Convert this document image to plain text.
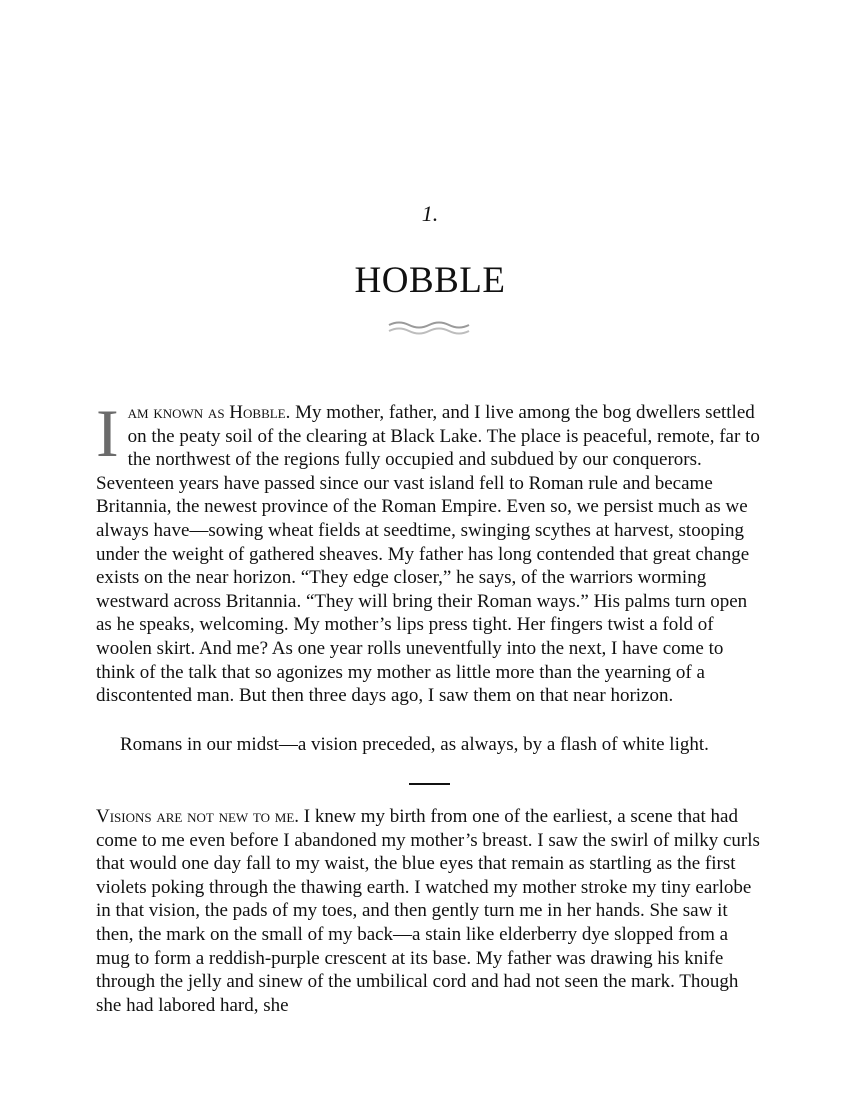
1.
HOBBLE

Iam known as Hobble. My mother, father, and I live among the bog dwellers settled on the peaty soil of the clearing at Black Lake. The place is peaceful, remote, far to the northwest of the regions fully occupied and subdued by our conquerors. Seventeen years have passed since our vast island fell to Roman rule and became Britannia, the newest province of the Roman Empire. Even so, we persist much as we always have—sowing wheat fields at seedtime, swinging scythes at harvest, stooping under the weight of gathered sheaves. My father has long contended that great change exists on the near horizon. “They edge closer,” he says, of the warriors worming westward across Britannia. “They will bring their Roman ways.” His palms turn open as he speaks, welcoming. My mother’s lips press tight. Her fingers twist a fold of woolen skirt. And me? As one year rolls uneventfully into the next, I have come to think of the talk that so agonizes my mother as little more than the yearning of a discontented man. But then three days ago, I saw them on that near horizon.

Romans in our midst—a vision preceded, as always, by a flash of white light.

Visions are not new to me. I knew my birth from one of the earliest, a scene that had come to me even before I abandoned my mother’s breast. I saw the swirl of milky curls that would one day fall to my waist, the blue eyes that remain as startling as the first violets poking through the thawing earth. I watched my mother stroke my tiny earlobe in that vision, the pads of my toes, and then gently turn me in her hands. She saw it then, the mark on the small of my back—a stain like elderberry dye slopped from a mug to form a reddish-purple crescent at its base. My father was drawing his knife through the jelly and sinew of the umbilical cord and had not seen the mark. Though she had labored hard, she
